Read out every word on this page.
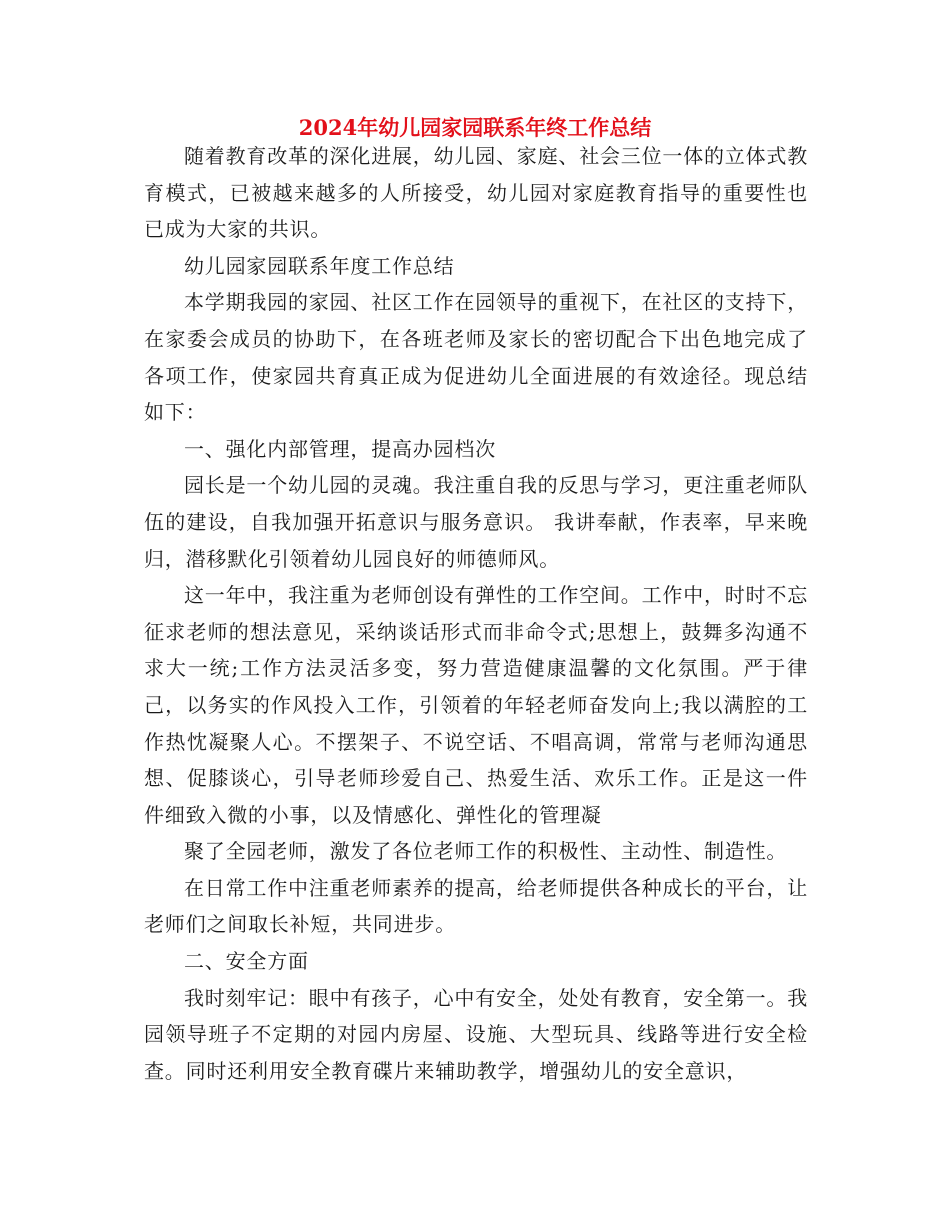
2024年幼儿园家园联系年终工作总结

随着教育改革的深化进展，幼儿园、家庭、社会三位一体的立体式教育模式，已被越来越多的人所接受，幼儿园对家庭教育指导的重要性也已成为大家的共识。

幼儿园家园联系年度工作总结

本学期我园的家园、社区工作在园领导的重视下，在社区的支持下，在家委会成员的协助下，在各班老师及家长的密切配合下出色地完成了各项工作，使家园共育真正成为促进幼儿全面进展的有效途径。现总结如下：

一、强化内部管理，提高办园档次

园长是一个幼儿园的灵魂。我注重自我的反思与学习，更注重老师队伍的建设，自我加强开拓意识与服务意识。 我讲奉献，作表率，早来晚归，潜移默化引领着幼儿园良好的师德师风。

这一年中，我注重为老师创设有弹性的工作空间。工作中，时时不忘征求老师的想法意见，采纳谈话形式而非命令式;思想上，鼓舞多沟通不求大一统;工作方法灵活多变，努力营造健康温馨的文化氛围。严于律己，以务实的作风投入工作，引领着的年轻老师奋发向上;我以满腔的工作热忱凝聚人心。不摆架子、不说空话、不唱高调，常常与老师沟通思想、促膝谈心，引导老师珍爱自己、热爱生活、欢乐工作。正是这一件件细致入微的小事，以及情感化、弹性化的管理凝

聚了全园老师，激发了各位老师工作的积极性、主动性、制造性。

在日常工作中注重老师素养的提高，给老师提供各种成长的平台，让老师们之间取长补短，共同进步。

二、安全方面

我时刻牢记：眼中有孩子，心中有安全，处处有教育，安全第一。我园领导班子不定期的对园内房屋、设施、大型玩具、线路等进行安全检查。同时还利用安全教育碟片来辅助教学，增强幼儿的安全意识，
